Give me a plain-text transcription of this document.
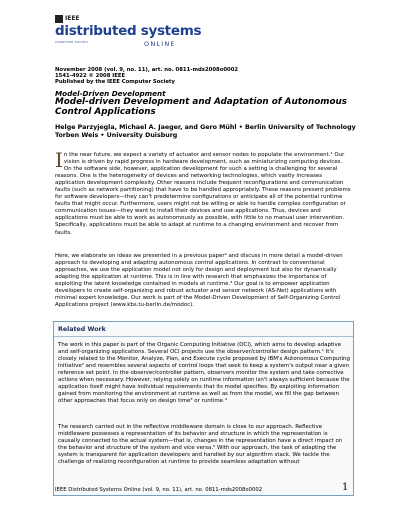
IEEE
distributed systems
COMPUTER SOCIETY	ONLINE
November 2008 (vol. 9, no. 11), art. no. 0811-mds2008o0002
1541-4922 © 2008 IEEE
Published by the IEEE Computer Society
Model-Driven Development
Model-driven Development and Adaptation of Autonomous Control Applications
Helge Parzyjegla, Michael A. Jaeger, and Gero Mühl • Berlin University of Technology
Torben Weis • University Duisburg
In the near future, we expect a variety of actuator and sensor nodes to populate the environment.¹ Our vision is driven by rapid progress in hardware development, such as miniaturizing computing devices. On the software side, however, application development for such a setting is challenging for several reasons. One is the heterogeneity of devices and networking technologies, which vastly increases application development complexity. Other reasons include frequent reconfigurations and communication faults (such as network partitioning) that have to be handled appropriately. These reasons present problems for software developers—they can't predetermine configurations or anticipate all of the potential runtime faults that might occur. Furthermore, users might not be willing or able to handle complex configuration or communication issues—they want to install their devices and use applications. Thus, devices and applications must be able to work as autonomously as possible, with little to no manual user intervention. Specifically, applications must be able to adapt at runtime to a changing environment and recover from faults.
Here, we elaborate on ideas we presented in a previous paper² and discuss in more detail a model-driven approach to developing and adapting autonomous control applications. In contrast to conventional approaches, we use the application model not only for design and deployment but also for dynamically adapting the application at runtime. This is in line with research that emphasizes the importance of exploiting the latent knowledge contained in models at runtime.³ Our goal is to empower application developers to create self-organizing and robust actuator and sensor network (AS-Net) applications with minimal expert knowledge. Our work is part of the Model-Driven Development of Self-Organizing Control Applications project (www.kbs.tu-berlin.de/modoc).
Related Work
The work in this paper is part of the Organic Computing Initiative (OCI), which aims to develop adaptive and self-organizing applications. Several OCI projects use the observer/controller design pattern.¹ It's closely related to the Monitor, Analyze, Plan, and Execute cycle proposed by IBM's Autonomous Computing Initiative² and resembles several aspects of control loops that seek to keep a system's output near a given reference set point. In the observer/controller pattern, observers monitor the system and take corrective actions when necessary. However, relying solely on runtime information isn't always sufficient because the application itself might have individual requirements that its model specifies. By exploiting information gained from monitoring the environment at runtime as well as from the model, we fill the gap between other approaches that focus only on design time³ or runtime.⁴
The research carried out in the reflective middleware domain is close to our approach. Reflective middleware possesses a representation of its behavior and structure in which the representation is causally connected to the actual system—that is, changes in the representation have a direct impact on the behavior and structure of the system and vice versa.⁵ With our approach, the task of adapting the system is transparent for application developers and handled by our algorithm stack. We tackle the challenge of realizing reconfiguration at runtime to provide seamless adaptation without
IEEE Distributed Systems Online (vol. 9, no. 11), art. no. 0811-mds2008o0002	1
